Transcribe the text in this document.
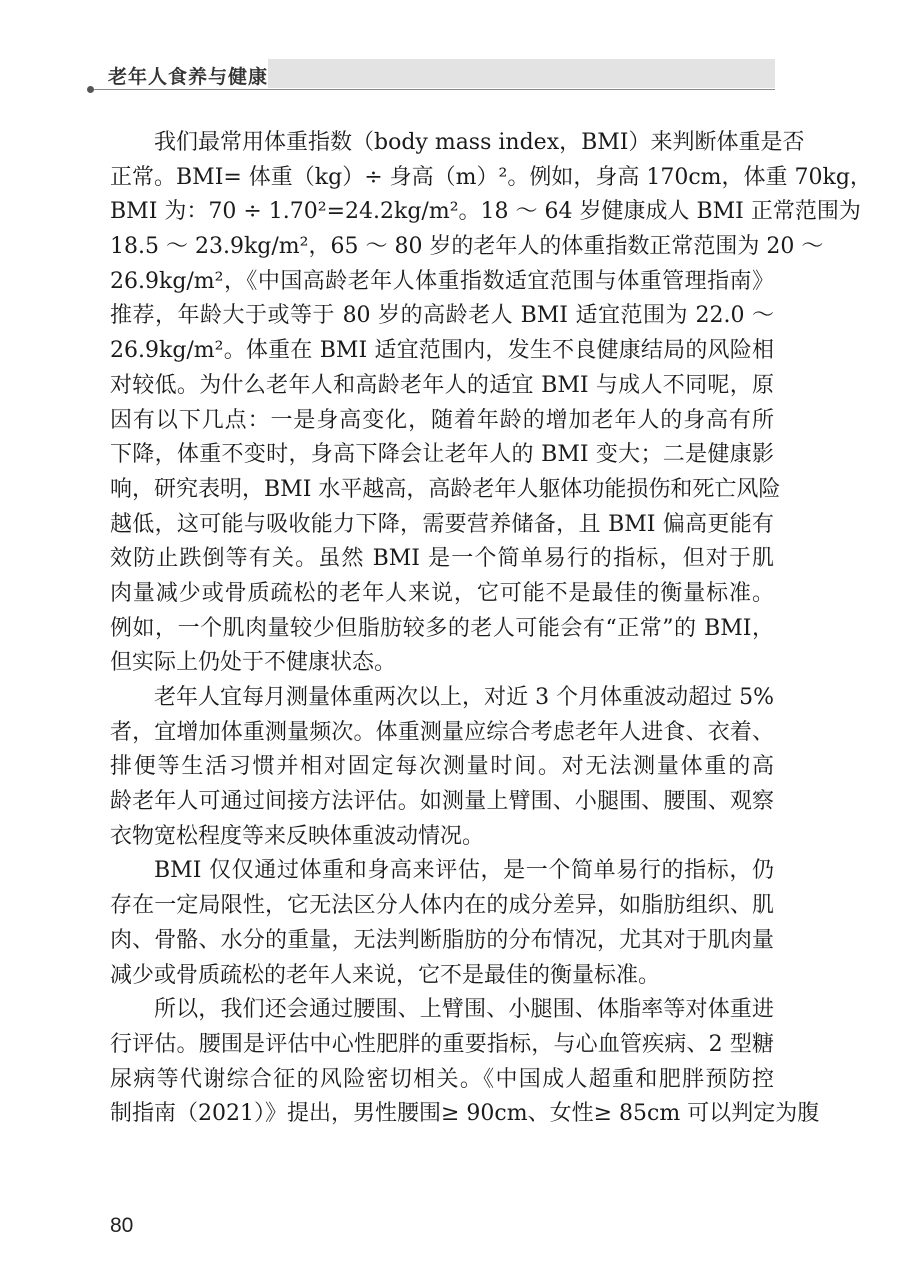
老年人食养与健康
我们最常用体重指数（body mass index，BMI）来判断体重是否
正常。BMI= 体重（kg）÷ 身高（m）²。例如，身高 170cm，体重 70kg，
BMI 为：70 ÷ 1.70²=24.2kg/m²。18 ～ 64 岁健康成人 BMI 正常范围为
18.5 ～ 23.9kg/m²，65 ～ 80 岁的老年人的体重指数正常范围为 20 ～
26.9kg/m²，《中国高龄老年人体重指数适宜范围与体重管理指南》
推荐，年龄大于或等于 80 岁的高龄老人 BMI 适宜范围为 22.0 ～
26.9kg/m²。体重在 BMI 适宜范围内，发生不良健康结局的风险相
对较低。为什么老年人和高龄老年人的适宜 BMI 与成人不同呢，原
因有以下几点：一是身高变化，随着年龄的增加老年人的身高有所
下降，体重不变时，身高下降会让老年人的 BMI 变大；二是健康影
响，研究表明，BMI 水平越高，高龄老年人躯体功能损伤和死亡风险
越低，这可能与吸收能力下降，需要营养储备，且 BMI 偏高更能有
效防止跌倒等有关。虽然 BMI 是一个简单易行的指标，但对于肌
肉量减少或骨质疏松的老年人来说，它可能不是最佳的衡量标准。
例如，一个肌肉量较少但脂肪较多的老人可能会有“正常”的 BMI，
但实际上仍处于不健康状态。
老年人宜每月测量体重两次以上，对近 3 个月体重波动超过 5%
者，宜增加体重测量频次。体重测量应综合考虑老年人进食、衣着、
排便等生活习惯并相对固定每次测量时间。对无法测量体重的高
龄老年人可通过间接方法评估。如测量上臂围、小腿围、腰围、观察
衣物宽松程度等来反映体重波动情况。
BMI 仅仅通过体重和身高来评估，是一个简单易行的指标，仍
存在一定局限性，它无法区分人体内在的成分差异，如脂肪组织、肌
肉、骨骼、水分的重量，无法判断脂肪的分布情况，尤其对于肌肉量
减少或骨质疏松的老年人来说，它不是最佳的衡量标准。
所以，我们还会通过腰围、上臂围、小腿围、体脂率等对体重进
行评估。腰围是评估中心性肥胖的重要指标，与心血管疾病、2 型糖
尿病等代谢综合征的风险密切相关。《中国成人超重和肥胖预防控
制指南（2021）》提出，男性腰围≥ 90cm、女性≥ 85cm 可以判定为腹
80
